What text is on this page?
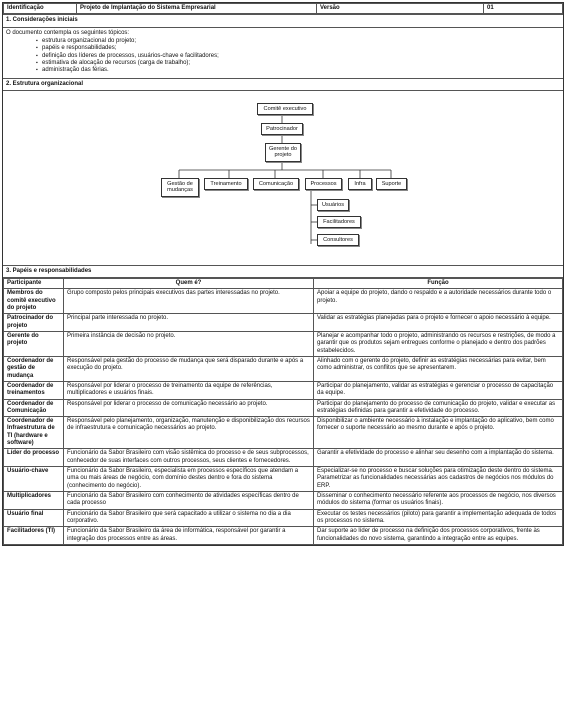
Identificação	Projeto de Implantação do Sistema Empresarial	Versão	01
1. Considerações iniciais
O documento contempla os seguintes tópicos:
▪ estrutura organizacional do projeto;
▪ papéis e responsabilidades;
▪ definição dos líderes de processos, usuários-chave e facilitadores;
▪ estimativa de alocação de recursos (carga de trabalho);
▪ administração das férias.
2. Estrutura organizacional
Comitê executivo
Patrocinador
Gerente do projeto
Gestão de mudanças
Treinamento	Comunicação	Processos	Infra	Suporte
Usuários
Facilitadores
Consultores
3. Papéis e responsabilidades
Participante	Quem é?	Função
Membros do comitê executivo do projeto	Grupo composto pelos principais executivos das partes interessadas no projeto.	Apoiar a equipe do projeto, dando o respaldo e a autoridade necessários durante todo o projeto.
Patrocinador do projeto	Principal parte interessada no projeto.	Validar as estratégias planejadas para o projeto e fornecer o apoio necessário à equipe.
Gerente do projeto	Primeira instância de decisão no projeto.	Planejar e acompanhar todo o projeto, administrando os recursos e restrições, de modo a garantir que os produtos sejam entregues conforme o planejado e dentro dos padrões estabelecidos.
Coordenador de gestão de mudança	Responsável pela gestão do processo de mudança que será disparado durante e após a execução do projeto.	Alinhado com o gerente do projeto, definir as estratégias necessárias para evitar, bem como administrar, os conflitos que se apresentarem.
Coordenador de treinamentos	Responsável por liderar o processo de treinamento da equipe de referências, multiplicadores e usuários finais.	Participar do planejamento, validar as estratégias e gerenciar o processo de capacitação da equipe.
Coordenador de Comunicação	Responsável por liderar o processo de comunicação necessário ao projeto.	Participar do planejamento do processo de comunicação do projeto, validar e executar as estratégias definidas para garantir a efetividade do processo.
Coordenador de Infraestrutura de TI (hardware e software)	Responsável pelo planejamento, organização, manutenção e disponibilização dos recursos de infraestrutura e comunicação necessários ao projeto.	Disponibilizar o ambiente necessário à instalação e implantação do aplicativo, bem como fornecer o suporte necessário ao mesmo durante e após o projeto.
Líder do processo	Funcionário da Sabor Brasileiro com visão sistêmica do processo e de seus subprocessos, conhecedor de suas interfaces com outros processos, seus clientes e fornecedores.	Garantir a efetividade do processo e alinhar seu desenho com a implantação do sistema.
Usuário-chave	Funcionário da Sabor Brasileiro, especialista em processos específicos que atendam a uma ou mais áreas de negócio, com domínio destes dentro e fora do sistema (conhecimento do negócio).	Especializar-se no processo e buscar soluções para otimização deste dentro do sistema. Parametrizar as funcionalidades necessárias aos cadastros de negócios nos módulos do ERP.
Multiplicadores	Funcionário da Sabor Brasileiro com conhecimento de atividades específicas dentro de cada processo	Disseminar o conhecimento necessário referente aos processos de negócio, nos diversos módulos do sistema (formar os usuários finais).
Usuário final	Funcionário da Sabor Brasileiro que será capacitado a utilizar o sistema no dia a dia corporativo.	Executar os testes necessários (piloto) para garantir a implementação adequada de todos os processos no sistema.
Facilitadores (TI)	Funcionário da Sabor Brasileiro da área de informática, responsável por garantir a integração dos processos entre as áreas.	Dar suporte ao líder de processo na definição dos processos corporativos, frente às funcionalidades do novo sistema, garantindo a integração entre as equipes.
